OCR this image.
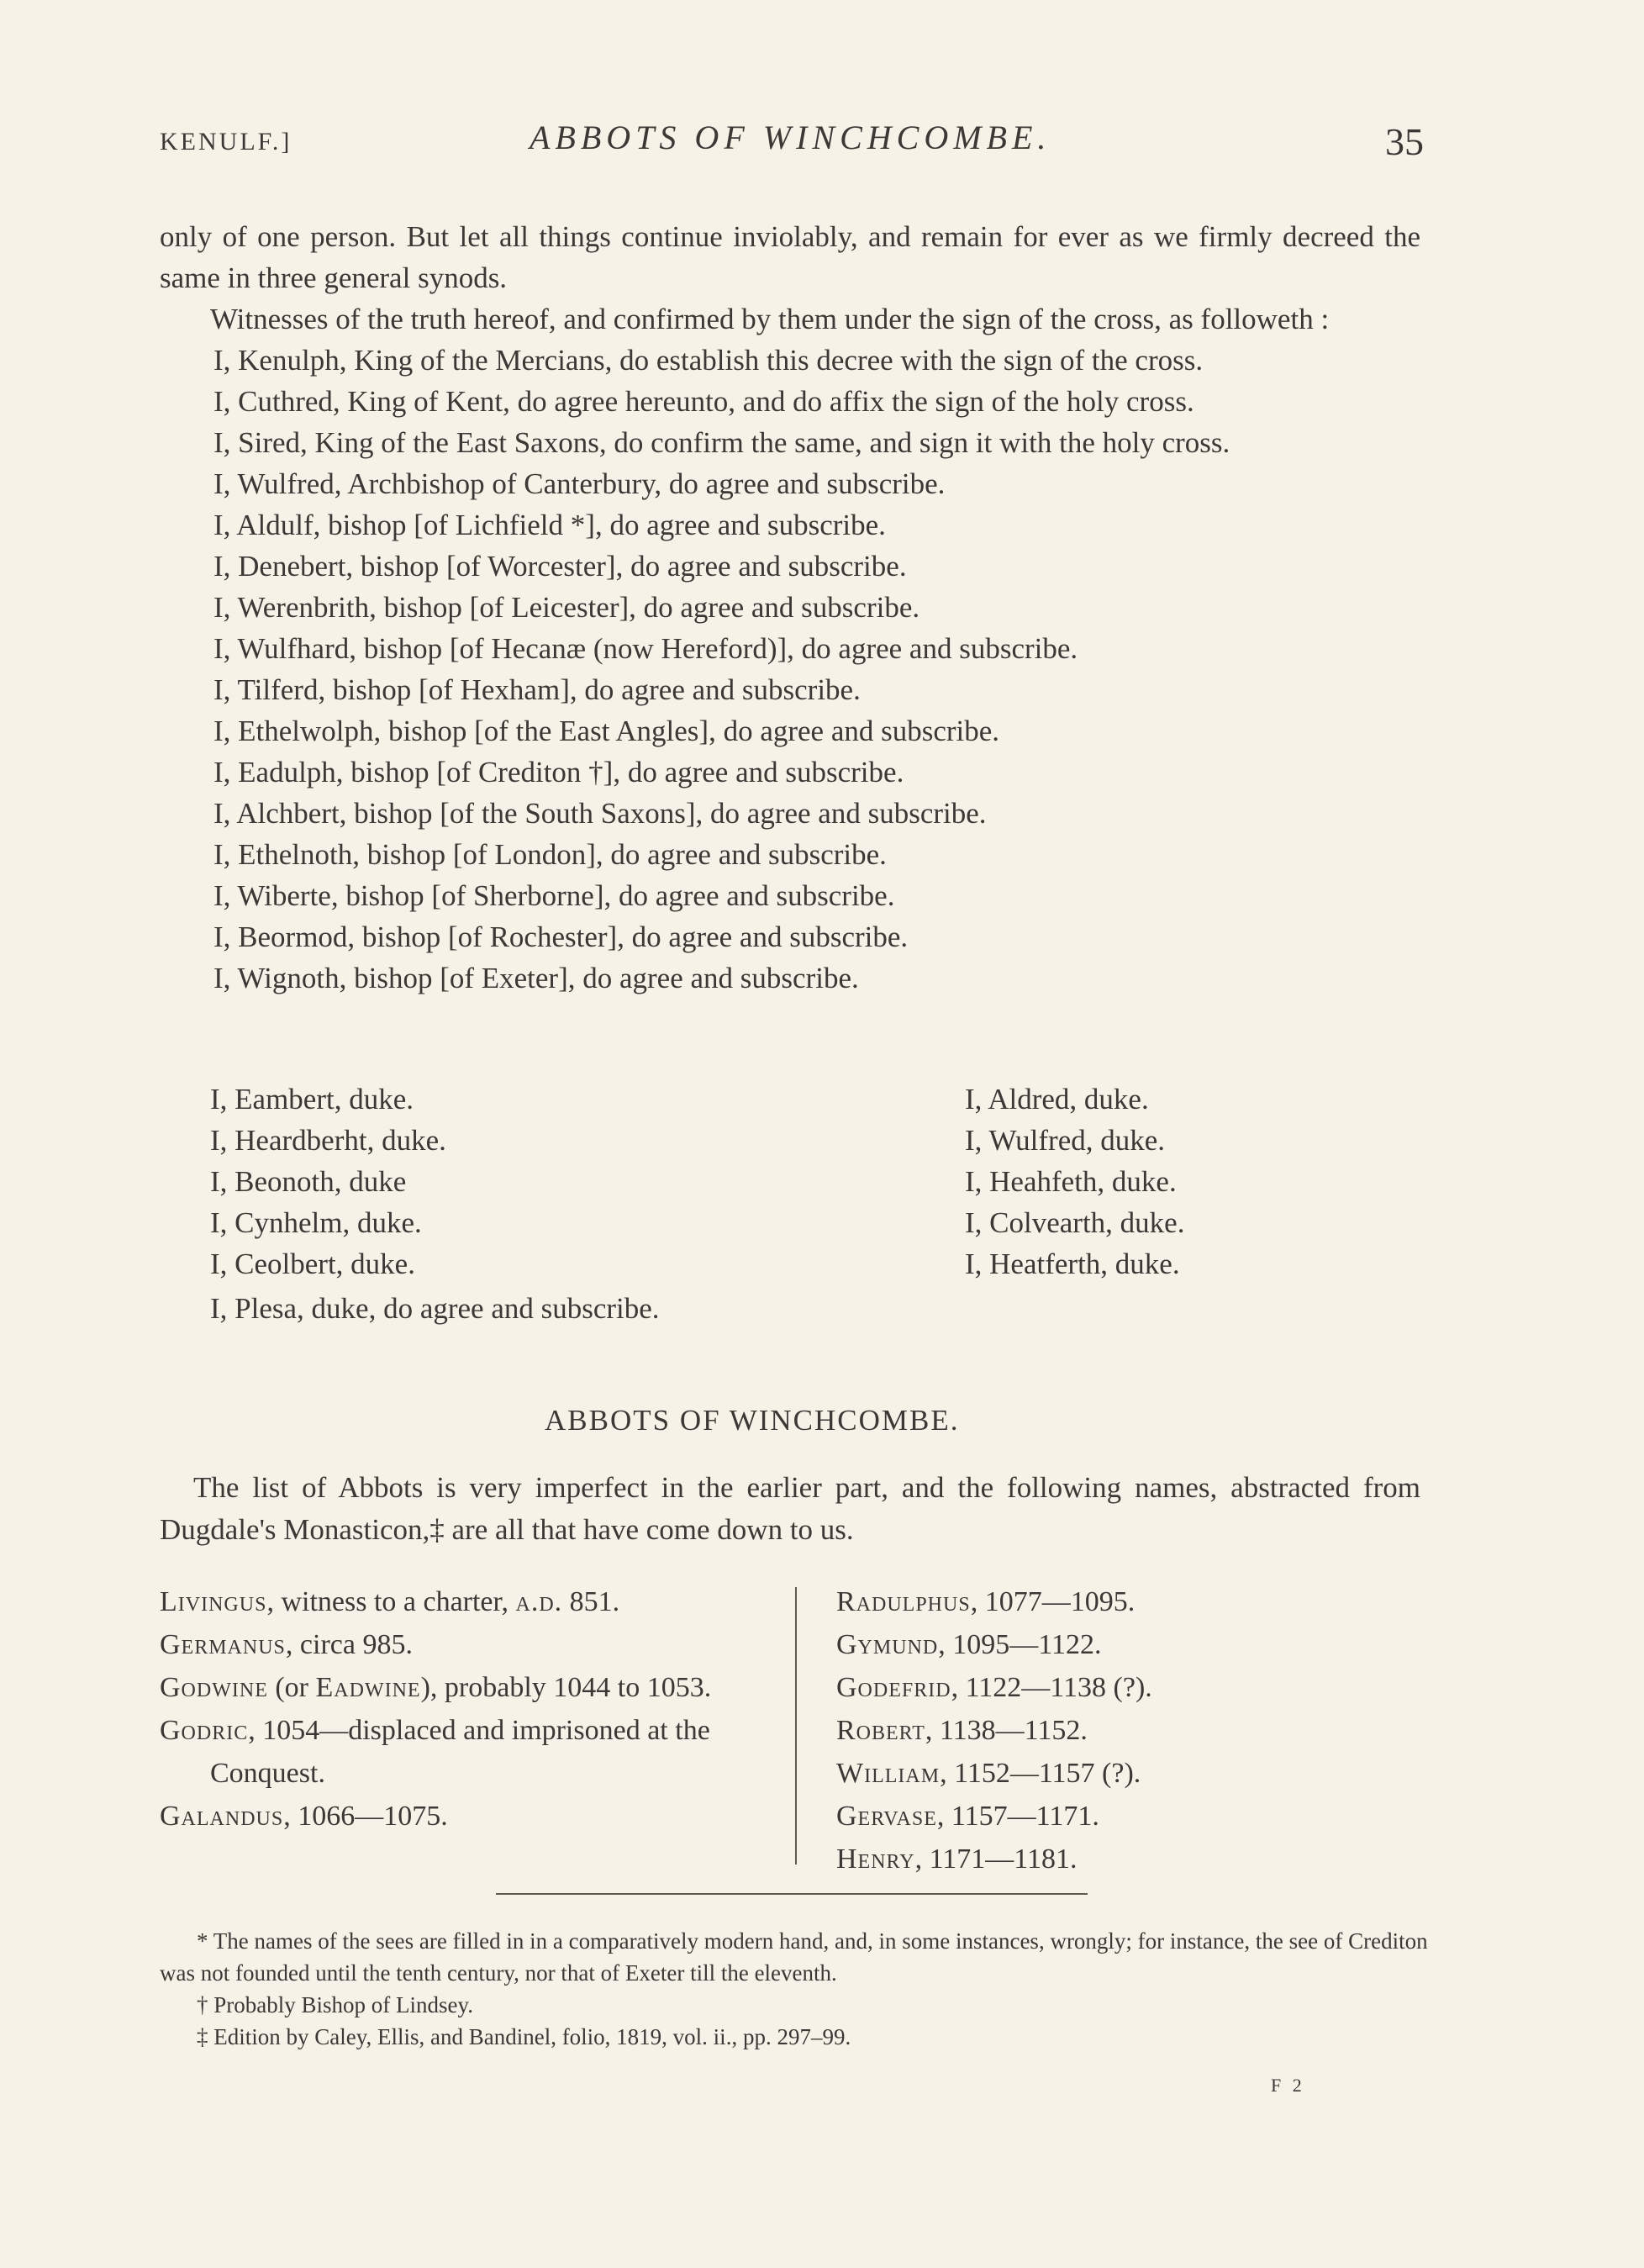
KENULF.]	ABBOTS OF WINCHCOMBE.	35

only of one person. But let all things continue inviolably, and remain for ever as we firmly decreed the same in three general synods.

Witnesses of the truth hereof, and confirmed by them under the sign of the cross, as followeth :

I, Kenulph, King of the Mercians, do establish this decree with the sign of the cross.

I, Cuthred, King of Kent, do agree hereunto, and do affix the sign of the holy cross.

I, Sired, King of the East Saxons, do confirm the same, and sign it with the holy cross.

I, Wulfred, Archbishop of Canterbury, do agree and subscribe.

I, Aldulf, bishop [of Lichfield *], do agree and subscribe.

I, Denebert, bishop [of Worcester], do agree and subscribe.

I, Werenbrith, bishop [of Leicester], do agree and subscribe.

I, Wulfhard, bishop [of Hecanæ (now Hereford)], do agree and subscribe.

I, Tilferd, bishop [of Hexham], do agree and subscribe.

I, Ethelwolph, bishop [of the East Angles], do agree and subscribe.

I, Eadulph, bishop [of Crediton †], do agree and subscribe.

I, Alchbert, bishop [of the South Saxons], do agree and subscribe.

I, Ethelnoth, bishop [of London], do agree and subscribe.

I, Wiberte, bishop [of Sherborne], do agree and subscribe.

I, Beormod, bishop [of Rochester], do agree and subscribe.

I, Wignoth, bishop [of Exeter], do agree and subscribe.

I, Eambert, duke.

I, Heardberht, duke.

I, Beonoth, duke

I, Cynhelm, duke.

I, Ceolbert, duke.

I, Aldred, duke.

I, Wulfred, duke.

I, Heahfeth, duke.

I, Colvearth, duke.

I, Heatferth, duke.

I, Plesa, duke, do agree and subscribe.

ABBOTS OF WINCHCOMBE.

The list of Abbots is very imperfect in the earlier part, and the following names, abstracted from Dugdale's Monasticon,‡ are all that have come down to us.

Livingus, witness to a charter, a.d. 851.

Germanus, circa 985.

Godwine (or Eadwine), probably 1044 to 1053.

Godric, 1054—displaced and imprisoned at the Conquest.

Galandus, 1066—1075.

Radulphus, 1077—1095.

Gymund, 1095—1122.

Godefrid, 1122—1138 (?).

Robert, 1138—1152.

William, 1152—1157 (?).

Gervase, 1157—1171.

Henry, 1171—1181.

* The names of the sees are filled in in a comparatively modern hand, and, in some instances, wrongly; for instance, the see of Crediton was not founded until the tenth century, nor that of Exeter till the eleventh.

† Probably Bishop of Lindsey.

‡ Edition by Caley, Ellis, and Bandinel, folio, 1819, vol. ii., pp. 297–99.

F 2
